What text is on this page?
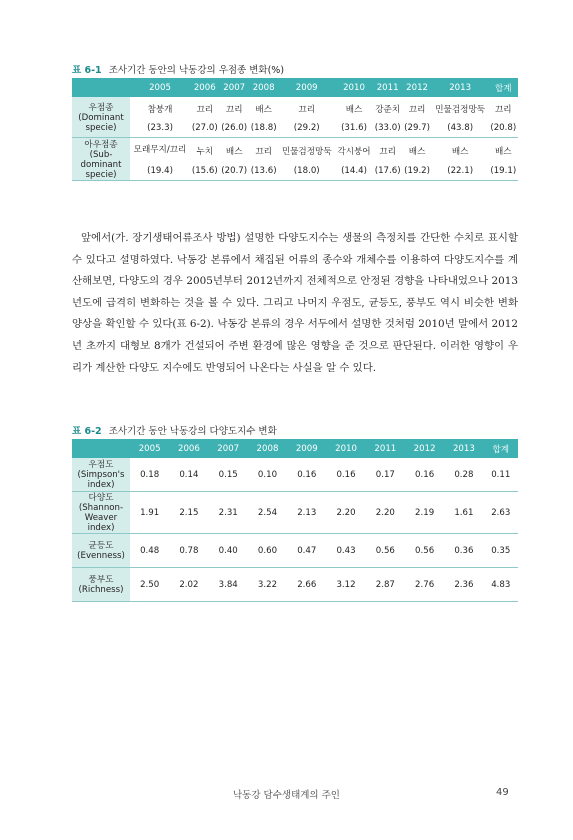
표 6-1 조사기간 동안의 낙동강의 우점종 변화(%)
	2005	2006	2007	2008	2009	2010	2011	2012	2013	합계

우점종
(Dominant
specie)	참붕개	끄리	끄리	배스	끄리	배스	강준치	끄리	민물검정망둑	끄리
	(23.3)	(27.0)	(26.0)	(18.8)	(29.2)	(31.6)	(33.0)	(29.7)	(43.8)	(20.8)

아우점종
(Sub-dominant
specie)	모래무지/끄리	누치	배스	끄리	민물검정망둑	각시붕어	끄리	배스	배스	배스
	(19.4)	(15.6)	(20.7)	(13.6)	(18.0)	(14.4)	(17.6)	(19.2)	(22.1)	(19.1)
앞에서(가. 장기생태어류조사 방법) 설명한 다양도지수는 생물의 측정치를 간단한 수치로 표시할 수 있다고 설명하였다. 낙동강 본류에서 채집된 어류의 종수와 개체수를 이용하여 다양도지수를 계산해보면, 다양도의 경우 2005년부터 2012년까지 전체적으로 안정된 경향을 나타내었으나 2013년도에 급격히 변화하는 것을 볼 수 있다. 그리고 나머지 우점도, 균등도, 풍부도 역시 비슷한 변화양상을 확인할 수 있다(표 6-2). 낙동강 본류의 경우 서두에서 설명한 것처럼 2010년 말에서 2012년 초까지 대형보 8개가 건설되어 주변 환경에 많은 영향을 준 것으로 판단된다. 이러한 영향이 우리가 계산한 다양도 지수에도 반영되어 나온다는 사실을 알 수 있다.
표 6-2 조사기간 동안 낙동강의 다양도지수 변화
	2005	2006	2007	2008	2009	2010	2011	2012	2013	합계

우점도
(Simpson's
index)	0.18	0.14	0.15	0.10	0.16	0.16	0.17	0.16	0.28	0.11

다양도
(Shannon-
Weaver index)	1.91	2.15	2.31	2.54	2.13	2.20	2.20	2.19	1.61	2.63

균등도
(Evenness)	0.48	0.78	0.40	0.60	0.47	0.43	0.56	0.56	0.36	0.35

풍부도
(Richness)	2.50	2.02	3.84	3.22	2.66	3.12	2.87	2.76	2.36	4.83
낙동강 담수생태계의 주인	49
